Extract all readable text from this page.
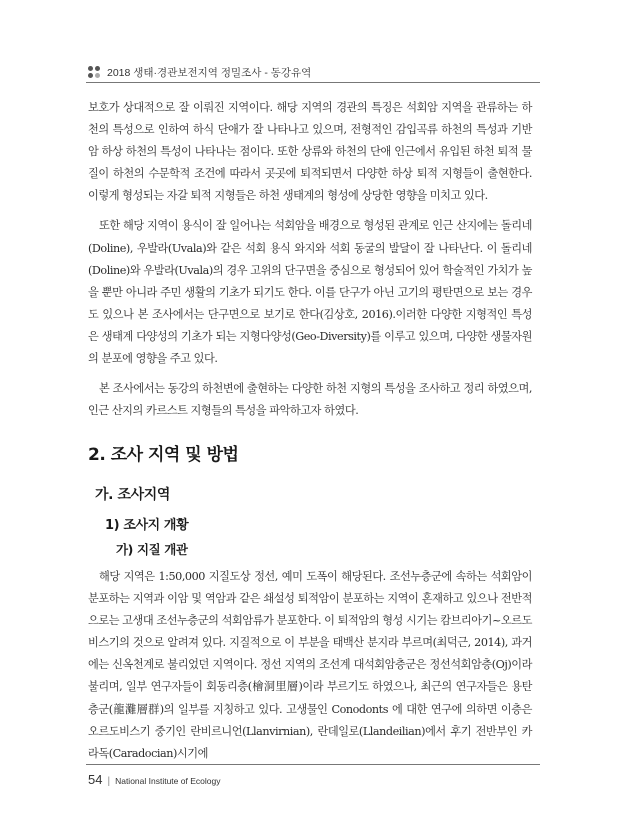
2018 생태·경관보전지역 정밀조사 - 동강유역

보호가 상대적으로 잘 이뤄진 지역이다. 해당 지역의 경관의 특징은 석회암 지역을 관류하는 하천의 특성으로 인하여 하식 단애가 잘 나타나고 있으며, 전형적인 감입곡류 하천의 특성과 기반암 하상 하천의 특성이 나타나는 점이다. 또한 상류와 하천의 단애 인근에서 유입된 하천 퇴적 물질이 하천의 수문학적 조건에 따라서 곳곳에 퇴적되면서 다양한 하상 퇴적 지형들이 출현한다. 이렇게 형성되는 자갈 퇴적 지형들은 하천 생태계의 형성에 상당한 영향을 미치고 있다.

또한 해당 지역이 용식이 잘 일어나는 석회암을 배경으로 형성된 관계로 인근 산지에는 돌리네(Doline), 우발라(Uvala)와 같은 석회 용식 와지와 석회 동굴의 발달이 잘 나타난다. 이 돌리네(Doline)와 우발라(Uvala)의 경우 고위의 단구면을 중심으로 형성되어 있어 학술적인 가치가 높을 뿐만 아니라 주민 생활의 기초가 되기도 한다. 이를 단구가 아닌 고기의 평탄면으로 보는 경우도 있으나 본 조사에서는 단구면으로 보기로 한다(김상호, 2016).이러한 다양한 지형적인 특성은 생태계 다양성의 기초가 되는 지형다양성(Geo-Diversity)를 이루고 있으며, 다양한 생물자원의 분포에 영향을 주고 있다.

본 조사에서는 동강의 하천변에 출현하는 다양한 하천 지형의 특성을 조사하고 정리 하였으며, 인근 산지의 카르스트 지형들의 특성을 파악하고자 하였다.

2. 조사 지역 및 방법
가. 조사지역
1) 조사지 개황
가) 지질 개관

해당 지역은 1:50,000 지질도상 정선, 예미 도폭이 해당된다. 조선누층군에 속하는 석회암이 분포하는 지역과 이암 및 역암과 같은 쇄설성 퇴적암이 분포하는 지역이 혼재하고 있으나 전반적으로는 고생대 조선누층군의 석회암류가 분포한다. 이 퇴적암의 형성 시기는 캄브리아기~오르도비스기의 것으로 알려져 있다. 지질적으로 이 부분을 태백산 분지라 부르며(최덕근, 2014), 과거에는 신옥천계로 불리었던 지역이다. 정선 지역의 조선계 대석회암층군은 정선석회암층(Oj)이라 불리며, 일부 연구자들이 회동리층(檜洞里層)이라 부르기도 하였으나, 최근의 연구자들은 용탄층군(龍灘層群)의 일부를 지칭하고 있다. 고생물인 Conodonts 에 대한 연구에 의하면 이층은 오르도비스기 중기인 란비르니언(Llanvirnian), 란데일로(Llandeilian)에서 후기 전반부인 카라독(Caradocian)시기에

54 | National Institute of Ecology
